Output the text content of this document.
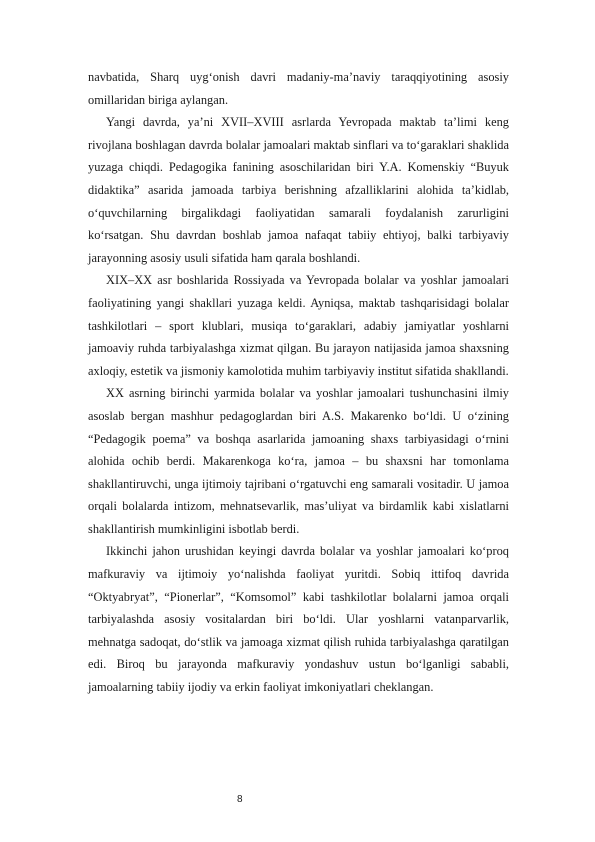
navbatida, Sharq uyg‘onish davri madaniy-ma’naviy taraqqiyotining asosiy omillaridan biriga aylangan.

Yangi davrda, ya’ni XVII–XVIII asrlarda Yevropada maktab ta’limi keng rivojlana boshlagan davrda bolalar jamoalari maktab sinflari va to‘garaklari shaklida yuzaga chiqdi. Pedagogika fanining asoschilaridan biri Y.A. Komenskiy “Buyuk didaktika” asarida jamoada tarbiya berishning afzalliklarini alohida ta’kidlab, o‘quvchilarning birgalikdagi faoliyatidan samarali foydalanish zarurligini ko‘rsatgan. Shu davrdan boshlab jamoa nafaqat tabiiy ehtiyoj, balki tarbiyaviy jarayonning asosiy usuli sifatida ham qarala boshlandi.

XIX–XX asr boshlarida Rossiyada va Yevropada bolalar va yoshlar jamoalari faoliyatining yangi shakllari yuzaga keldi. Ayniqsa, maktab tashqarisidagi bolalar tashkilotlari – sport klublari, musiqa to‘garaklari, adabiy jamiyatlar yoshlarni jamoaviy ruhda tarbiyalashga xizmat qilgan. Bu jarayon natijasida jamoa shaxsning axloqiy, estetik va jismoniy kamolotida muhim tarbiyaviy institut sifatida shakllandi.

XX asrning birinchi yarmida bolalar va yoshlar jamoalari tushunchasini ilmiy asoslab bergan mashhur pedagoglardan biri A.S. Makarenko bo‘ldi. U o‘zining “Pedagogik poema” va boshqa asarlarida jamoaning shaxs tarbiyasidagi o‘rnini alohida ochib berdi. Makarenkoga ko‘ra, jamoa – bu shaxsni har tomonlama shakllantiruvchi, unga ijtimoiy tajribani o‘rgatuvchi eng samarali vositadir. U jamoa orqali bolalarda intizom, mehnatsevarlik, mas’uliyat va birdamlik kabi xislatlarni shakllantirish mumkinligini isbotlab berdi.

Ikkinchi jahon urushidan keyingi davrda bolalar va yoshlar jamoalari ko‘proq mafkuraviy va ijtimoiy yo‘nalishda faoliyat yuritdi. Sobiq ittifoq davrida “Oktyabryat”, “Pionerlar”, “Komsomol” kabi tashkilotlar bolalarni jamoa orqali tarbiyalashda asosiy vositalardan biri bo‘ldi. Ular yoshlarni vatanparvarlik, mehnatga sadoqat, do‘stlik va jamoaga xizmat qilish ruhida tarbiyalashga qaratilgan edi. Biroq bu jarayonda mafkuraviy yondashuv ustun bo‘lganligi sababli, jamoalarning tabiiy ijodiy va erkin faoliyat imkoniyatlari cheklangan.

8
